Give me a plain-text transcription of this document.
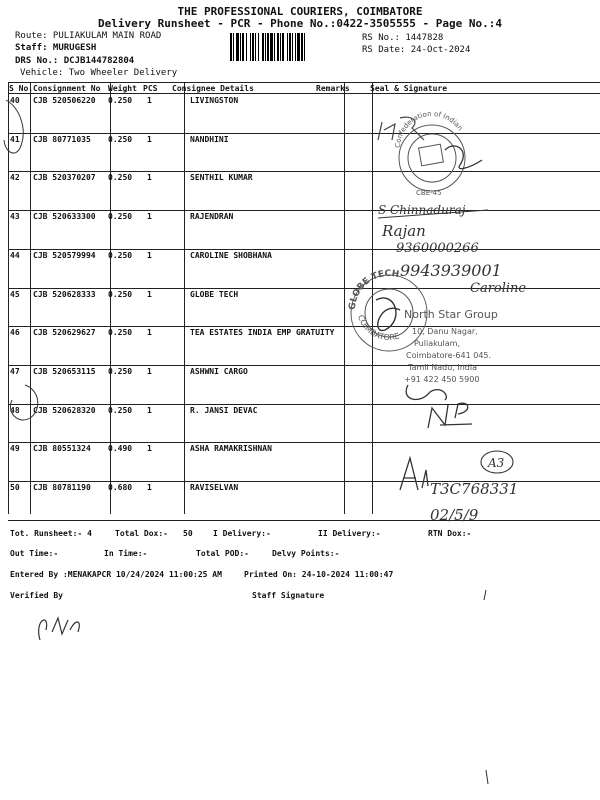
THE PROFESSIONAL COURIERS, COIMBATORE
Delivery Runsheet - PCR - Phone No.:0422-3505555 - Page No.:4
Route: PULIAKULAM MAIN ROAD
Staff: MURUGESH
DRS No.: DCJB144782804
Vehicle: Two Wheeler Delivery
RS No.: 1447828
RS Date: 24-Oct-2024
S No. Consignment No Weight PCS Consignee Details	Remarks	Seal & Signature
40 CJB 520506220 0.250 1	LIVINGSTON
41 CJB 80771035 0.250 1	NANDHINI
42 CJB 520370207 0.250 1	SENTHIL KUMAR
43 CJB 520633300 0.250 1	RAJENDRAN
44 CJB 520579994 0.250 1	CAROLINE SHOBHANA
45 CJB 520628333 0.250 1	GLOBE TECH
46 CJB 520629627 0.250 1	TEA ESTATES INDIA EMP GRATUITY
47 CJB 520653115 0.250 1	ASHWNI CARGO
48 CJB 520628320 0.250 1	R. JANSI DEVAC
49 CJB 80551324 0.490 1	ASHA RAMAKRISHNAN
50 CJB 80781190 0.680 1	RAVISELVAN
Tot. Runsheet:- 4	Total Dox:- 50	I Delivery:-	II Delivery:-	RTN Dox:-
Out Time:-	In Time:-	Total POD:-	Delvy Points:-
Entered By :MENAKAPCR 10/24/2024 11:00:25 AM	Printed On: 24-10-2024 11:00:47
Verified By	Staff Signature
Confederation of Indian
CBE-45
S Chinnaduraj
Rajan
9360000266
9943939001
Caroline
GLOBE TECH
COIMBATORE
North Star Group
10, Danu Nagar,
Puliakulam,
Coimbatore-641 045.
Tamil Nadu, India
+91 422 450 5900
A3
T3C768331
02/5/9
